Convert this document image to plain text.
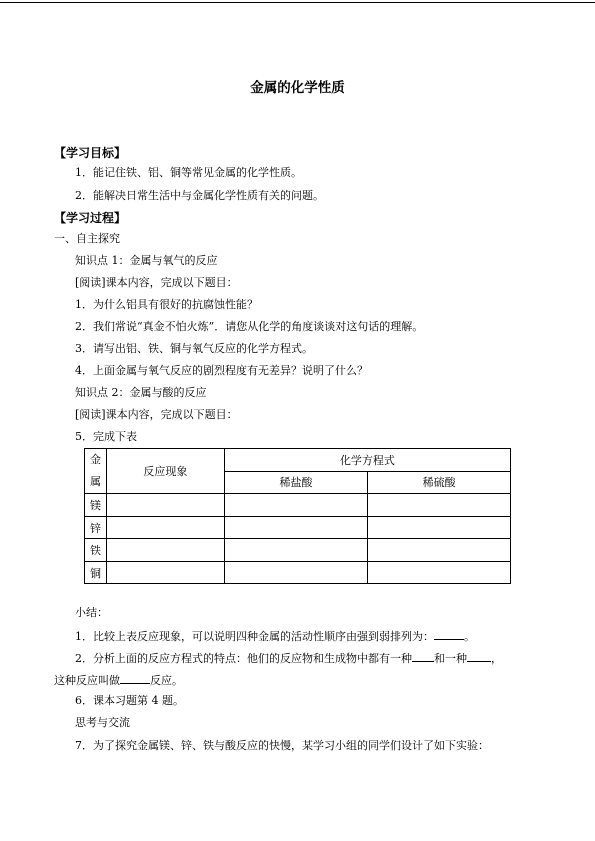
金属的化学性质
【学习目标】
1．能记住铁、铝、铜等常见金属的化学性质。
2．能解决日常生活中与金属化学性质有关的问题。
【学习过程】
一、自主探究
知识点 1：金属与氧气的反应
[阅读]课本内容，完成以下题目：
1．为什么铝具有很好的抗腐蚀性能？
2．我们常说“真金不怕火炼”．请您从化学的角度谈谈对这句话的理解。
3．请写出铝、铁、铜与氧气反应的化学方程式。
4．上面金属与氧气反应的剧烈程度有无差异？说明了什么？
知识点 2：金属与酸的反应
[阅读]课本内容，完成以下题目：
5．完成下表
金
属	反应现象	化学方程式	
		稀盐酸	稀硫酸
镁			
锌			
铁			
铜			
小结：
1．比较上表反应现象，可以说明四种金属的活动性顺序由强到弱排列为：	。
2．分析上面的反应方程式的特点：他们的反应物和生成物中都有一种 和一种 ，
这种反应叫做	反应。
6．课本习题第 4 题。
思考与交流
7．为了探究金属镁、锌、铁与酸反应的快慢，某学习小组的同学们设计了如下实验：
